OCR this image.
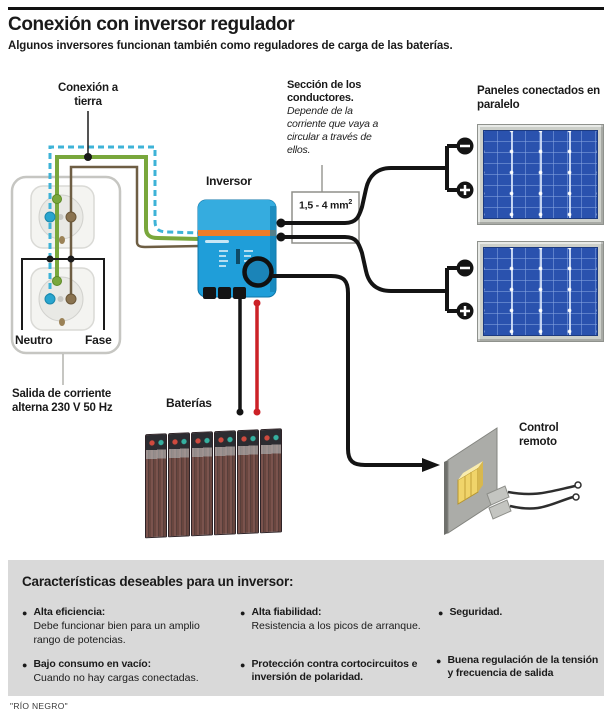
Conexión con inversor regulador
Algunos inversores funcionan también como reguladores de carga de las baterías.
Conexión a tierra
Inversor
Sección de los conductores.
Depende de la corriente que vaya a circular a través de ellos.
1,5 - 4 $mm^2$
Paneles conectados en paralelo
Neutro	Fase
Salida de corriente alterna 230 V 50 Hz	Baterías
Control remoto
Características deseables para un inversor:
● Alta eficiencia:
Debe funcionar bien para un amplio rango de potencias.
● Bajo consumo en vacío:
Cuando no hay cargas conectadas.
● Alta fiabilidad:
Resistencia a los picos de arranque.
● Protección contra cortocircuitos e inversión de polaridad.
● Seguridad.
● Buena regulación de la tensión y frecuencia de salida
"RÍO NEGRO"
